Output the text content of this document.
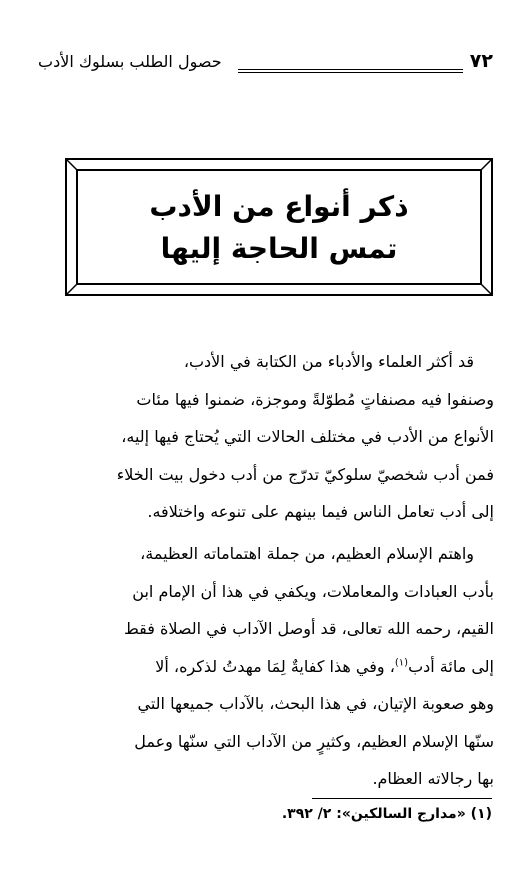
٧٢
حصول الطلب بسلوك الأدب
ذكر أنواع من الأدب
تمس الحاجة إليها
قد أكثر العلماء والأدباء من الكتابة في الأدب،
وصنفوا فيه مصنفاتٍ مُطوّلةً وموجزة، ضمنوا فيها مئات
الأنواع من الأدب في مختلف الحالات التي يُحتاج فيها إليه،
فمن أدب شخصيّ سلوكيّ تدرّج من أدب دخول بيت الخلاء
إلى أدب تعامل الناس فيما بينهم على تنوعه واختلافه.
واهتم الإسلام العظيم، من جملة اهتماماته العظيمة،
بأدب العبادات والمعاملات، ويكفي في هذا أن الإمام ابن
القيم، رحمه الله تعالى، قد أوصل الآداب في الصلاة فقط
إلى مائة أدب$^{(١)}$، وفي هذا كفايةٌ لِمَا مهدتُ لذكره، ألا
وهو صعوبة الإتيان، في هذا البحث، بالآداب جميعها التي
سنّها الإسلام العظيم، وكثيرٍ من الآداب التي سنّها وعمل
بها رجالاته العظام.
(١) «مدارج السالكين»: ٢/ ٣٩٢.
